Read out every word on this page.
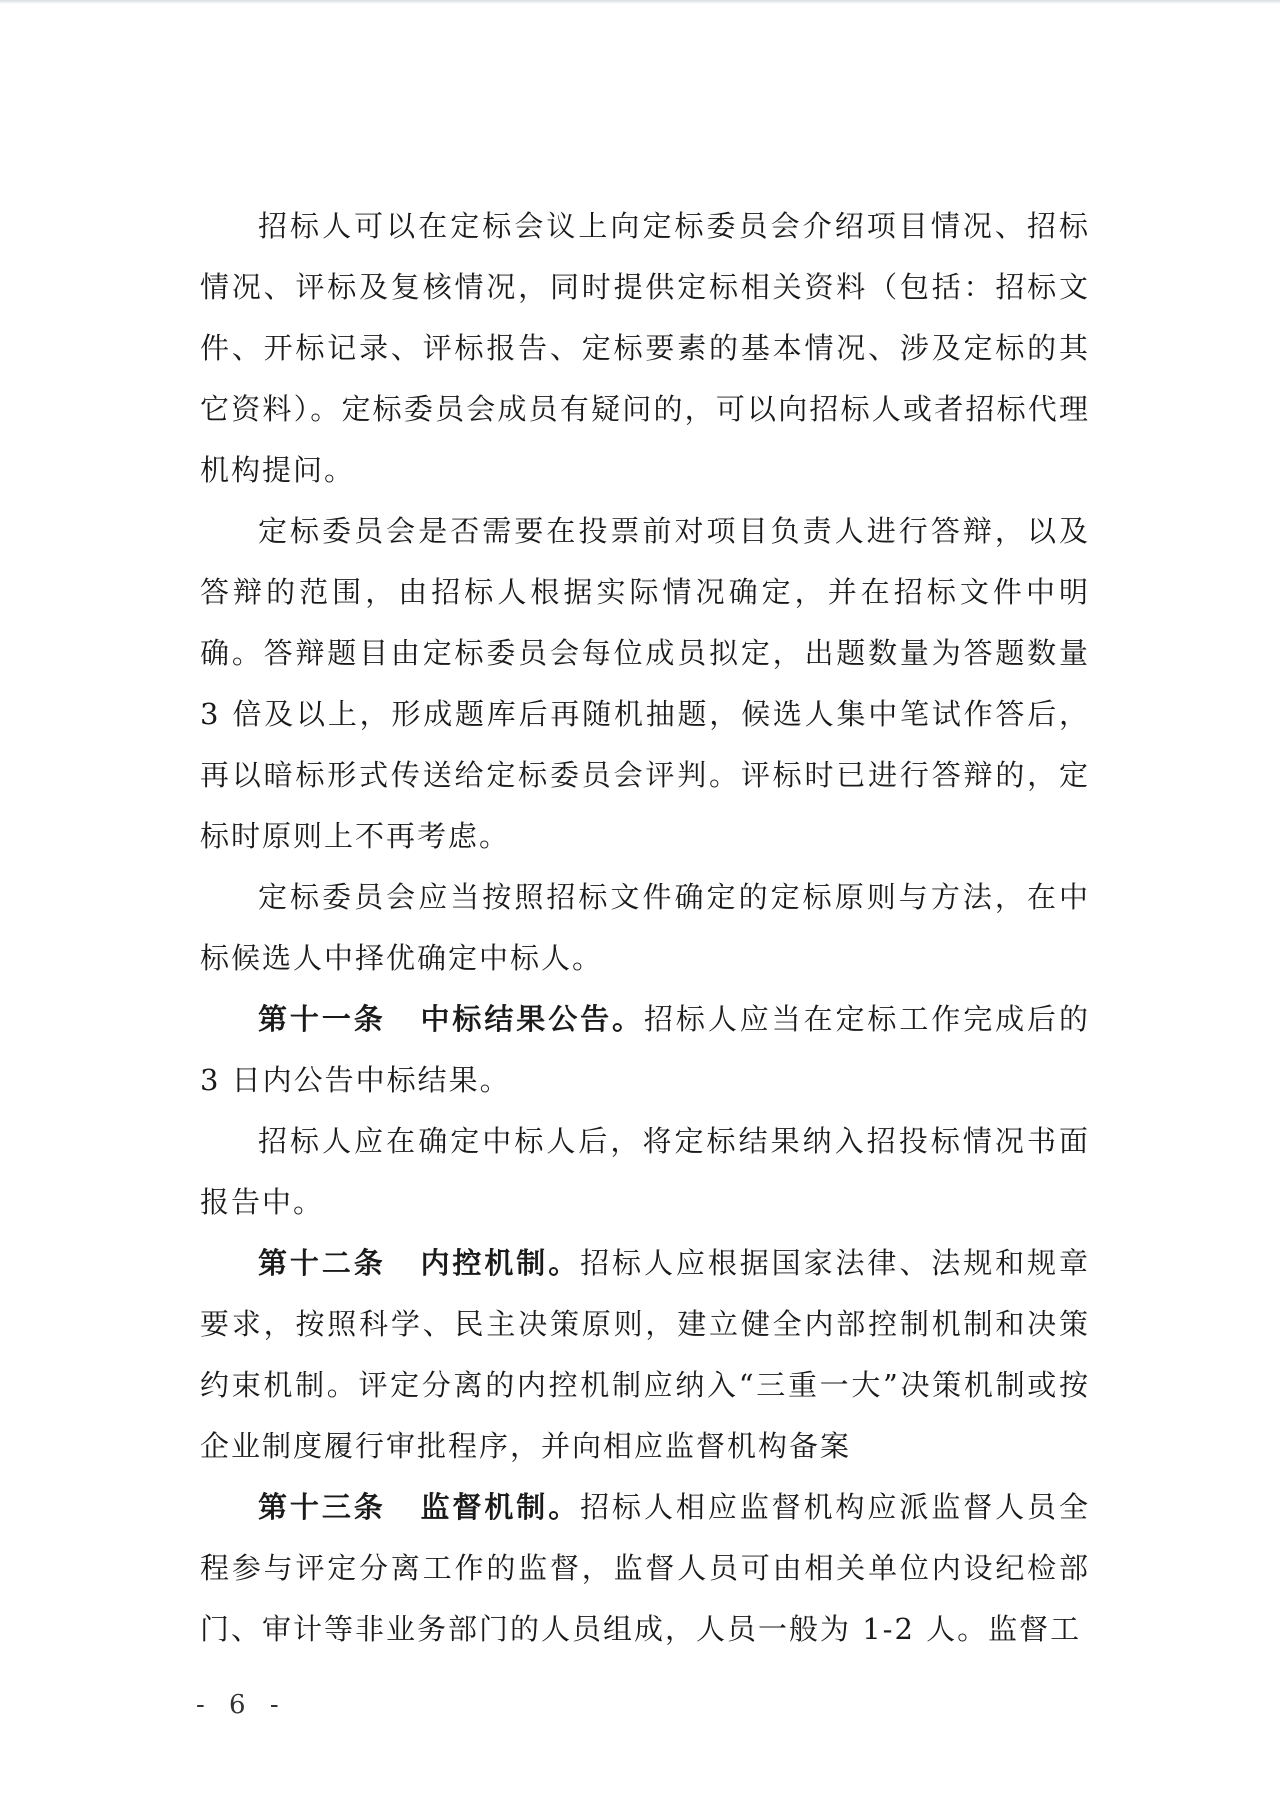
招标人可以在定标会议上向定标委员会介绍项目情况、招标情况、评标及复核情况，同时提供定标相关资料（包括：招标文件、开标记录、评标报告、定标要素的基本情况、涉及定标的其它资料）。定标委员会成员有疑问的，可以向招标人或者招标代理机构提问。

定标委员会是否需要在投票前对项目负责人进行答辩，以及答辩的范围，由招标人根据实际情况确定，并在招标文件中明确。答辩题目由定标委员会每位成员拟定，出题数量为答题数量 3 倍及以上，形成题库后再随机抽题，候选人集中笔试作答后，再以暗标形式传送给定标委员会评判。评标时已进行答辩的，定标时原则上不再考虑。

定标委员会应当按照招标文件确定的定标原则与方法，在中标候选人中择优确定中标人。

第十一条 中标结果公告。招标人应当在定标工作完成后的 3 日内公告中标结果。

招标人应在确定中标人后，将定标结果纳入招投标情况书面报告中。

第十二条 内控机制。招标人应根据国家法律、法规和规章要求，按照科学、民主决策原则，建立健全内部控制机制和决策约束机制。评定分离的内控机制应纳入“三重一大”决策机制或按企业制度履行审批程序，并向相应监督机构备案

第十三条 监督机制。招标人相应监督机构应派监督人员全程参与评定分离工作的监督，监督人员可由相关单位内设纪检部门、审计等非业务部门的人员组成，人员一般为 1-2 人。监督工

- 6 -
